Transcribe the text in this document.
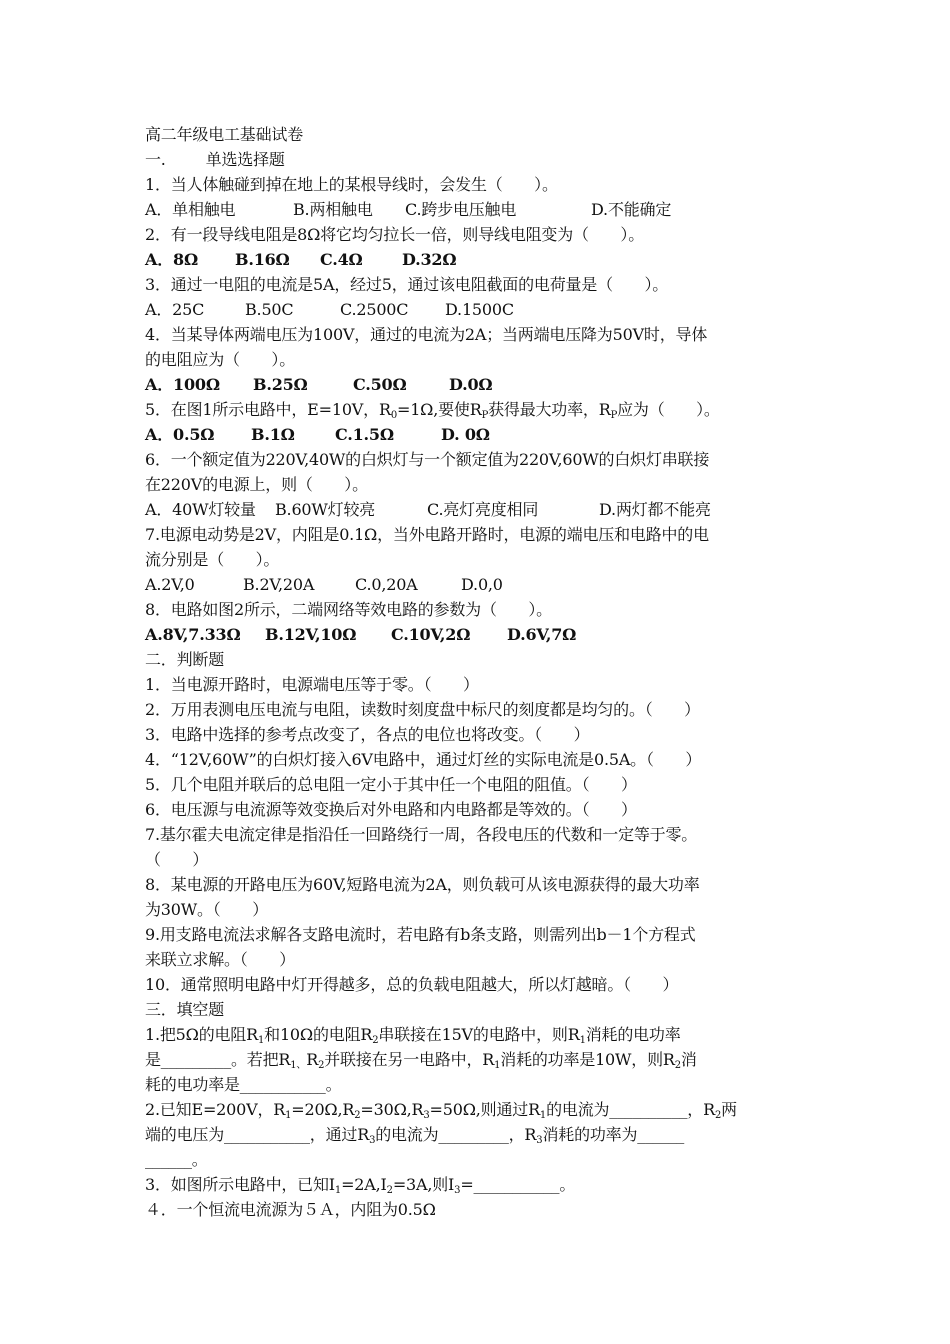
高二年级电工基础试卷
一.	单选选择题
1．当人体触碰到掉在地上的某根导线时，会发生（　　）。
A．单相触电	B.两相触电 C.跨步电压触电	D.不能确定
2．有一段导线电阻是8Ω将它均匀拉长一倍，则导线电阻变为（　　）。
A．8Ω B.16Ω C.4Ω D.32Ω
3．通过一电阻的电流是5A，经过5，通过该电阻截面的电荷量是（　　）。
A．25C	B.50C	C.2500C D.1500C
4．当某导体两端电压为100V，通过的电流为2A；当两端电压降为50V时，导体
的电阻应为（　　）。
A．100Ω B.25Ω	C.50Ω	D.0Ω
5．在图1所示电路中，E=10V，$R_0=1\Omega$,要使$R_P$获得最大功率，$R_P$应为（　　）。
A．0.5Ω B.1Ω	C.1.5Ω	D. 0Ω
6．一个额定值为220V,40W的白炽灯与一个额定值为220V,60W的白炽灯串联接
在220V的电源上，则（　　）。
A．40W灯较量 B.60W灯较亮	C.亮灯亮度相同	D.两灯都不能亮
7.电源电动势是2V，内阻是0.1Ω，当外电路开路时，电源的端电压和电路中的电
流分别是（　　）。
A.2V,0	B.2V,20A	C.0,20A	D.0,0
8．电路如图2所示，二端网络等效电路的参数为（　　）。
A.8V,7.33Ω B.12V,10Ω C.10V,2Ω D.6V,7Ω
二．判断题
1．当电源开路时，电源端电压等于零。（　　）
2．万用表测电压电流与电阻，读数时刻度盘中标尺的刻度都是均匀的。（　　）
3．电路中选择的参考点改变了，各点的电位也将改变。（　　）
4．“12V,60W”的白炽灯接入6V电路中，通过灯丝的实际电流是0.5A。（　　）
5．几个电阻并联后的总电阻一定小于其中任一个电阻的阻值。（　　）
6．电压源与电流源等效变换后对外电路和内电路都是等效的。（　　）
7.基尔霍夫电流定律是指沿任一回路绕行一周，各段电压的代数和一定等于零。
（　　）
8．某电源的开路电压为60V,短路电流为2A，则负载可从该电源获得的最大功率
为30W。（　　）
9.用支路电流法求解各支路电流时，若电路有b条支路，则需列出b－1个方程式
来联立求解。（　　）
10．通常照明电路中灯开得越多，总的负载电阻越大，所以灯越暗。（　　）
三．填空题
1.把5Ω的电阻$R_1$和10Ω的电阻$R_2$串联接在15V的电路中，则$R_1$消耗的电功率
是_________。若把$R_{1、}R_2$并联接在另一电路中，$R_1$消耗的功率是10W，则$R_2$消
耗的电功率是___________。
2.已知E=200V，$R_1=20\Omega,R_2=30\Omega,R_3=50\Omega$,则通过$R_1$的电流为__________，$R_2$两
端的电压为___________，通过$R_3$的电流为_________，$R_3$消耗的功率为______
______。
3．如图所示电路中，已知$I_1=2A,I_2=3A$,则$I_3=\_\_\_\_\_\_\_\_\_\_\_$。
４．一个恒流电流源为５Ａ，内阻为0.5Ω
